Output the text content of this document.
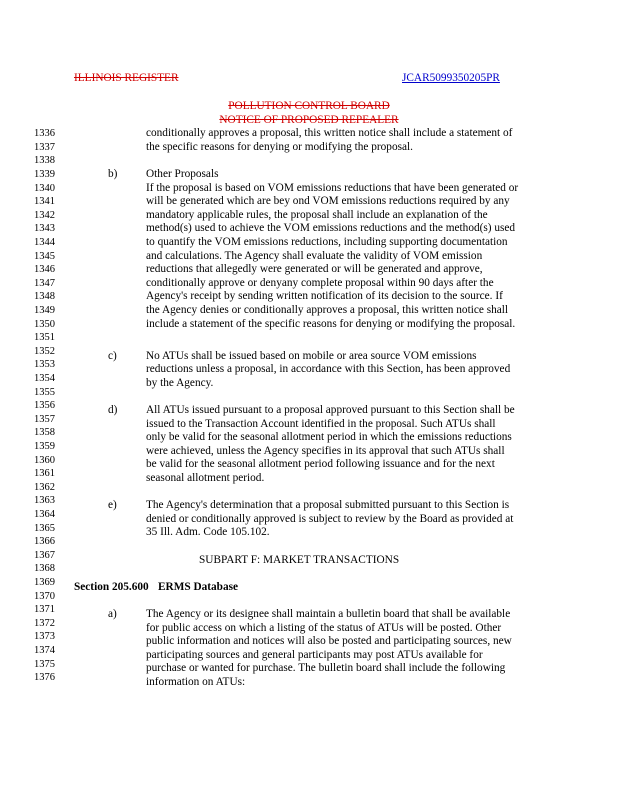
ILLINOIS REGISTER	JCAR5099350205PR
POLLUTION CONTROL BOARD
NOTICE OF PROPOSED REPEALER
1336
1337
1338
1339
1340
1341
1342
1343
1344
1345
1346
1347
1348
1349
1350
1351
1352
1353
1354
1355
1356
1357
1358
1359
1360
1361
1362
1363
1364
1365
1366
1367
1368
1369
1370
1371
1372
1373
1374
1375
1376
conditionally approves a proposal, this written notice shall include a statement of
the specific reasons for denying or modifying the proposal.
b)	Other Proposals
If the proposal is based on VOM emissions reductions that have been generated or
will be generated which are bey ond VOM emissions reductions required by any
mandatory applicable rules, the proposal shall include an explanation of the
method(s) used to achieve the VOM emissions reductions and the method(s) used
to quantify the VOM emissions reductions, including supporting documentation
and calculations. The Agency shall evaluate the validity of VOM emission
reductions that allegedly were generated or will be generated and approve,
conditionally approve or denyany complete proposal within 90 days after the
Agency's receipt by sending written notification of its decision to the source. If
the Agency denies or conditionally approves a proposal, this written notice shall
include a statement of the specific reasons for denying or modifying the proposal.
c)	No ATUs shall be issued based on mobile or area source VOM emissions
reductions unless a proposal, in accordance with this Section, has been approved
by the Agency.
d)	All ATUs issued pursuant to a proposal approved pursuant to this Section shall be
issued to the Transaction Account identified in the proposal. Such ATUs shall
only be valid for the seasonal allotment period in which the emissions reductions
were achieved, unless the Agency specifies in its approval that such ATUs shall
be valid for the seasonal allotment period following issuance and for the next
seasonal allotment period.
e)	The Agency's determination that a proposal submitted pursuant to this Section is
denied or conditionally approved is subject to review by the Board as provided at
35 Ill. Adm. Code 105.102.
SUBPART F: MARKET TRANSACTIONS
Section 205.600 ERMS Database
a)	The Agency or its designee shall maintain a bulletin board that shall be available
for public access on which a listing of the status of ATUs will be posted. Other
public information and notices will also be posted and participating sources, new
participating sources and general participants may post ATUs available for
purchase or wanted for purchase. The bulletin board shall include the following
information on ATUs:
